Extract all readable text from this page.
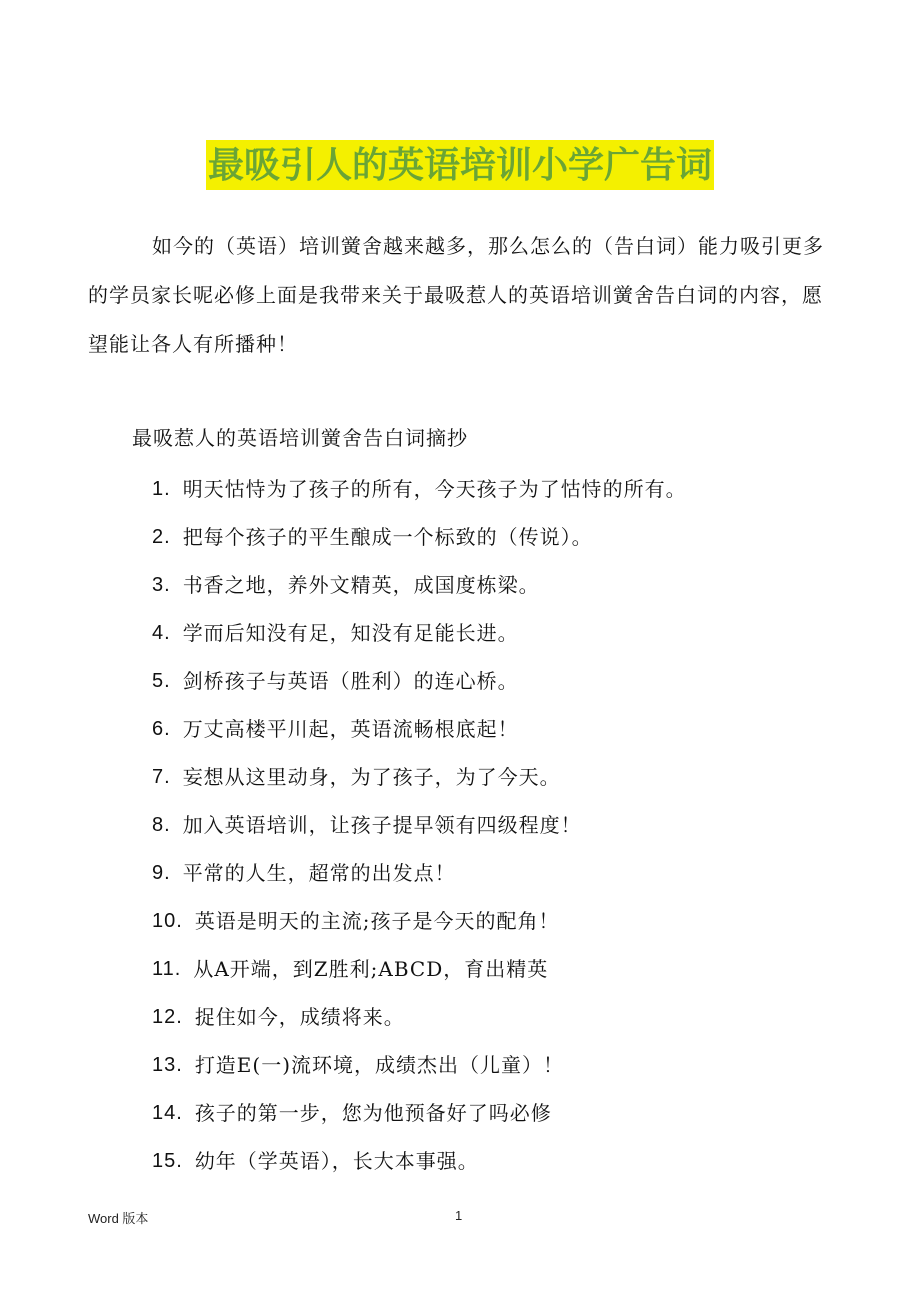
最吸引人的英语培训小学广告词

如今的（英语）培训黉舍越来越多，那么怎么的（告白词）能力吸引更多的学员家长呢必修上面是我带来关于最吸惹人的英语培训黉舍告白词的内容，愿望能让各人有所播种！

最吸惹人的英语培训黉舍告白词摘抄

1. 明天怙恃为了孩子的所有，今天孩子为了怙恃的所有。
2. 把每个孩子的平生酿成一个标致的（传说）。
3. 书香之地，养外文精英，成国度栋梁。
4. 学而后知没有足，知没有足能长进。
5. 剑桥孩子与英语（胜利）的连心桥。
6. 万丈高楼平川起，英语流畅根底起！
7. 妄想从这里动身，为了孩子，为了今天。
8. 加入英语培训，让孩子提早领有四级程度！
9. 平常的人生，超常的出发点！
10. 英语是明天的主流;孩子是今天的配角！
11. 从A开端，到Z胜利;ABCD，育出精英
12. 捉住如今，成绩将来。
13. 打造E(一)流环境，成绩杰出（儿童）！
14. 孩子的第一步，您为他预备好了吗必修
15. 幼年（学英语），长大本事强。
Word 版本	1
